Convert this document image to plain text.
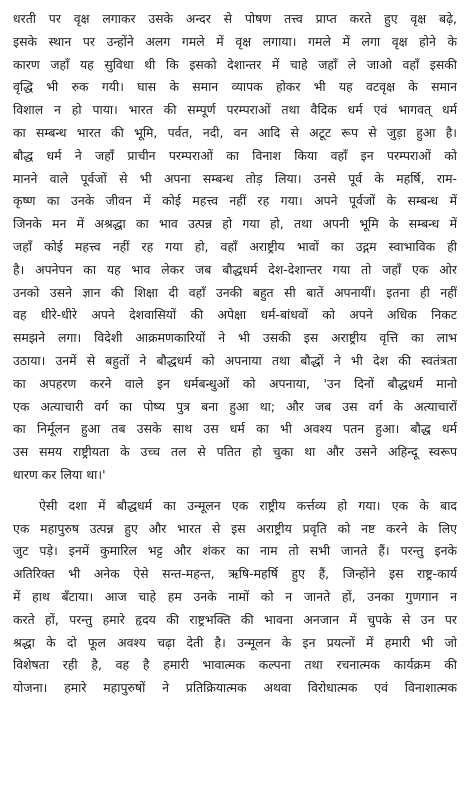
धरती पर वृक्ष लगाकर उसके अन्दर से पोषण तत्त्व प्राप्त करते हुए वृक्ष बढ़े,
इसके स्थान पर उन्होंने अलग गमले में वृक्ष लगाया। गमले में लगा वृक्ष होने के
कारण जहाँ यह सुविधा थी कि इसको देशान्तर में चाहे जहाँ ले जाओ वहाँ इसकी
वृद्धि भी रुक गयी। घास के समान व्यापक होकर भी यह वटवृक्ष के समान
विशाल न हो पाया। भारत की सम्पूर्ण परम्पराओं तथा वैदिक धर्म एवं भागवत् धर्म
का सम्बन्ध भारत की भूमि, पर्वत, नदी, वन आदि से अटूट रूप से जुड़ा हुआ है।
बौद्ध धर्म ने जहाँ प्राचीन परम्पराओं का विनाश किया वहाँ इन परम्पराओं को
मानने वाले पूर्वजों से भी अपना सम्बन्ध तोड़ लिया। उनसे पूर्व के महर्षि, राम-
कृष्ण का उनके जीवन में कोई महत्त्व नहीं रह गया। अपने पूर्वजों के सम्बन्ध में
जिनके मन में अश्रद्धा का भाव उत्पन्न हो गया हो, तथा अपनी भूमि के सम्बन्ध में
जहाँ कोई महत्त्व नहीं रह गया हो, वहाँ अराष्ट्रीय भावों का उद्गम स्वाभाविक ही
है। अपनेपन का यह भाव लेकर जब बौद्धधर्म देश-देशान्तर गया तो जहाँ एक ओर
उनको उसने ज्ञान की शिक्षा दी वहाँ उनकी बहुत सी बातें अपनायीं। इतना ही नहीं
वह धीरे-धीरे अपने देशवासियों की अपेक्षा धर्म-बांधवों को अपने अधिक निकट
समझने लगा। विदेशी आक्रमणकारियों ने भी उसकी इस अराष्ट्रीय वृत्ति का लाभ
उठाया। उनमें से बहुतों ने बौद्धधर्म को अपनाया तथा बौद्धों ने भी देश की स्वतंत्रता
का अपहरण करने वाले इन धर्मबन्धुओं को अपनाया, 'उन दिनों बौद्धधर्म मानो
एक अत्याचारी वर्ग का पोष्य पुत्र बना हुआ था; और जब उस वर्ग के अत्याचारों
का निर्मूलन हुआ तब उसके साथ उस धर्म का भी अवश्य पतन हुआ। बौद्ध धर्म
उस समय राष्ट्रीयता के उच्च तल से पतित हो चुका था और उसने अहिन्दू स्वरूप
धारण कर लिया था।'

ऐसी दशा में बौद्धधर्म का उन्मूलन एक राष्ट्रीय कर्त्तव्य हो गया। एक के बाद
एक महापुरुष उत्पन्न हुए और भारत से इस अराष्ट्रीय प्रवृति को नष्ट करने के लिए
जुट पड़े। इनमें कुमारिल भट्ट और शंकर का नाम तो सभी जानते हैं। परन्तु इनके
अतिरिक्त भी अनेक ऐसे सन्त-महन्त, ऋषि-महर्षि हुए हैं, जिन्होंने इस राष्ट्र-कार्य
में हाथ बँटाया। आज चाहे हम उनके नामों को न जानते हों, उनका गुणगान न
करते हों, परन्तु हमारे हृदय की राष्ट्रभक्ति की भावना अनजान में चुपके से उन पर
श्रद्धा के दो फूल अवश्य चढ़ा देती है। उन्मूलन के इन प्रयत्नों में हमारी भी जो
विशेषता रही है, वह है हमारी भावात्मक कल्पना तथा रचनात्मक कार्यक्रम की
योजना। हमारे महापुरुषों ने प्रतिक्रियात्मक अथवा विरोधात्मक एवं विनाशात्मक
